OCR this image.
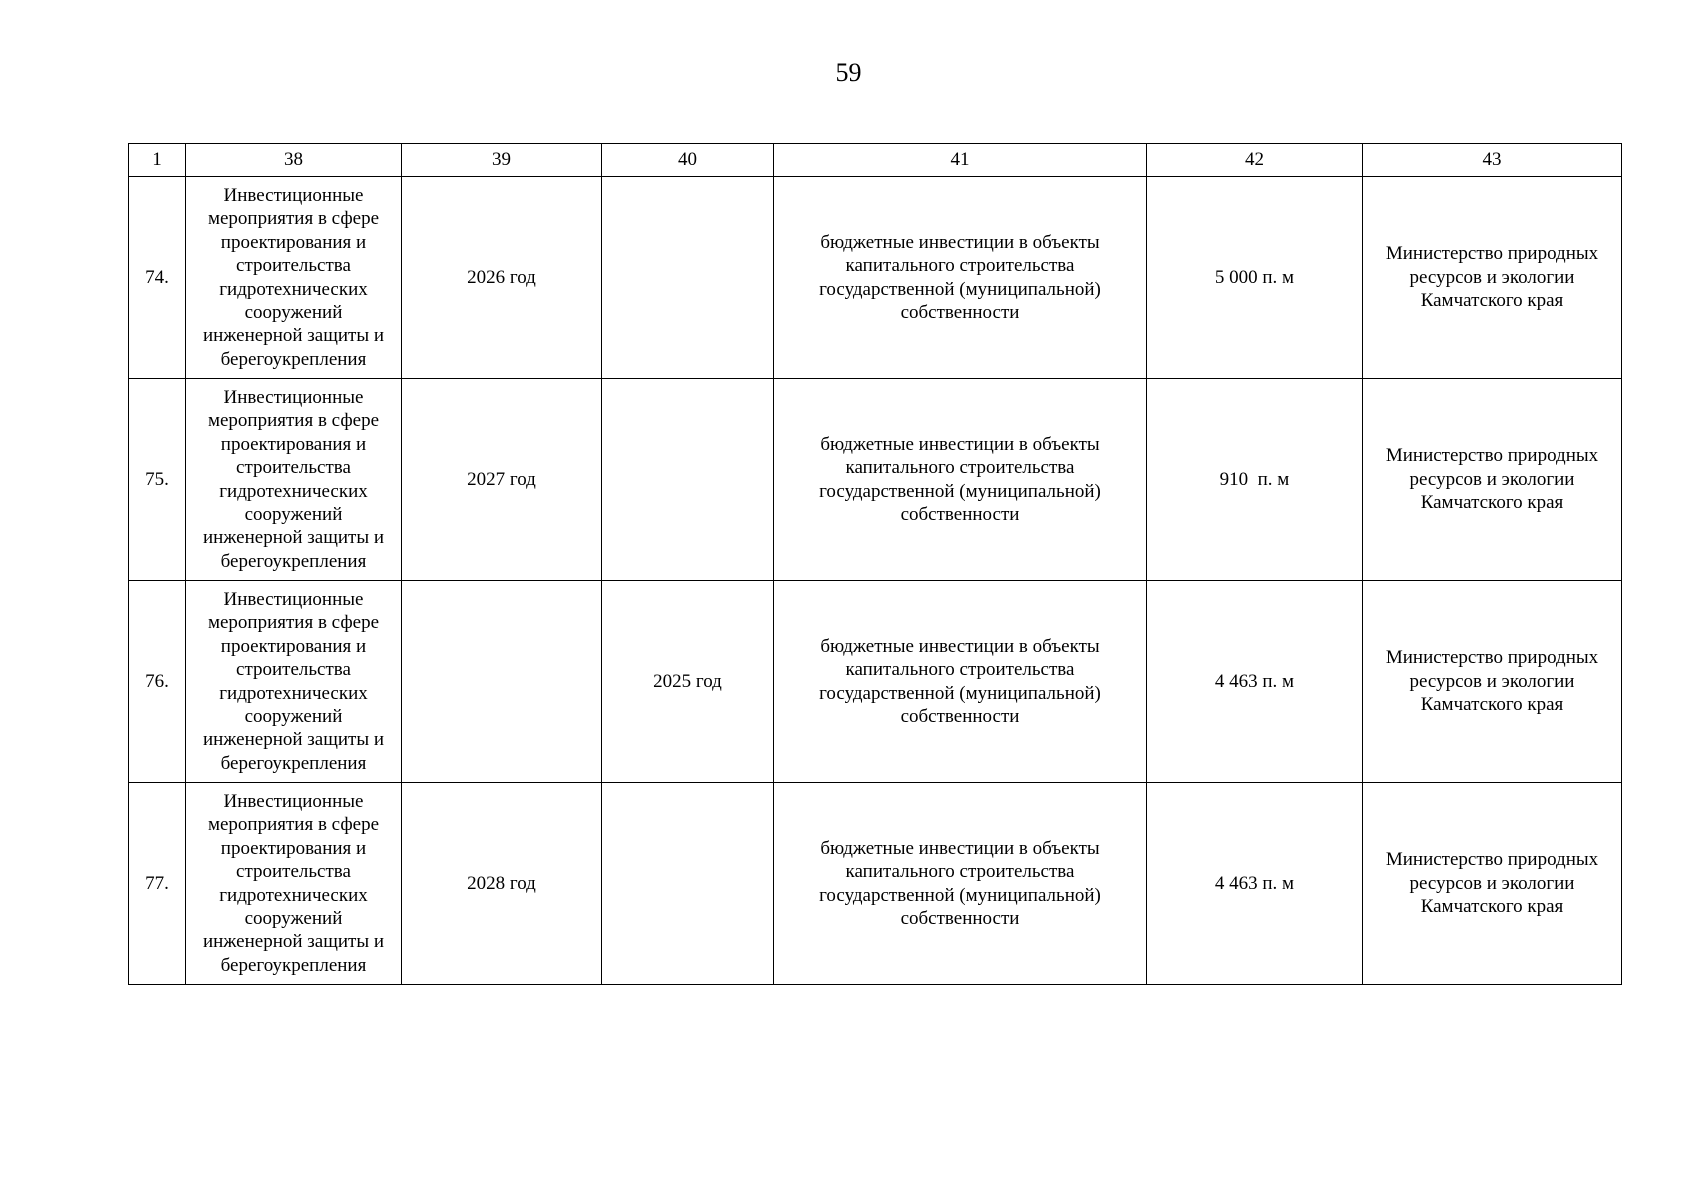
59
1	38	39	40	41	42	43
74.	Инвестиционные мероприятия в сфере проектирования и строительства гидротехнических сооружений инженерной защиты и берегоукрепления	2026 год		бюджетные инвестиции в объекты капитального строительства государственной (муниципальной) собственности	5 000 п. м	Министерство природных ресурсов и экологии Камчатского края
75.	Инвестиционные мероприятия в сфере проектирования и строительства гидротехнических сооружений инженерной защиты и берегоукрепления	2027 год		бюджетные инвестиции в объекты капитального строительства государственной (муниципальной) собственности	910  п. м	Министерство природных ресурсов и экологии Камчатского края
76.	Инвестиционные мероприятия в сфере проектирования и строительства гидротехнических сооружений инженерной защиты и берегоукрепления		2025 год	бюджетные инвестиции в объекты капитального строительства государственной (муниципальной) собственности	4 463 п. м	Министерство природных ресурсов и экологии Камчатского края
77.	Инвестиционные мероприятия в сфере проектирования и строительства гидротехнических сооружений инженерной защиты и берегоукрепления	2028 год		бюджетные инвестиции в объекты капитального строительства государственной (муниципальной) собственности	4 463 п. м	Министерство природных ресурсов и экологии Камчатского края
